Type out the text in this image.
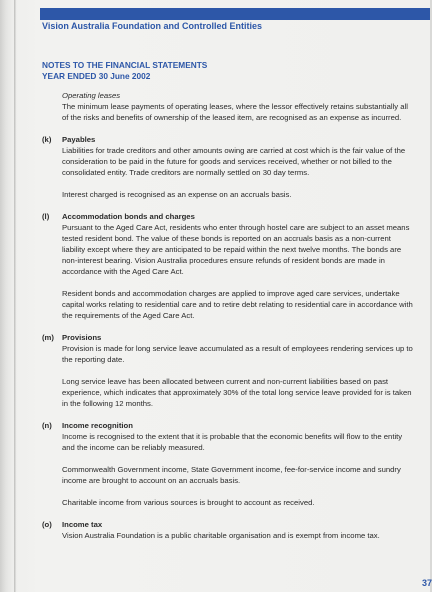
Vision Australia Foundation and Controlled Entities
NOTES TO THE FINANCIAL STATEMENTS
YEAR ENDED 30 June 2002
Operating leases

The minimum lease payments of operating leases, where the lessor effectively retains substantially all of the risks and benefits of ownership of the leased item, are recognised as an expense as incurred.

(k)	Payables

Liabilities for trade creditors and other amounts owing are carried at cost which is the fair value of the consideration to be paid in the future for goods and services received, whether or not billed to the consolidated entity. Trade creditors are normally settled on 30 day terms.

Interest charged is recognised as an expense on an accruals basis.

(l)	Accommodation bonds and charges

Pursuant to the Aged Care Act, residents who enter through hostel care are subject to an asset means tested resident bond. The value of these bonds is reported on an accruals basis as a non-current liability except where they are anticipated to be repaid within the next twelve months. The bonds are non-interest bearing. Vision Australia procedures ensure refunds of resident bonds are made in accordance with the Aged Care Act.

Resident bonds and accommodation charges are applied to improve aged care services, undertake capital works relating to residential care and to retire debt relating to residential care in accordance with the requirements of the Aged Care Act.

(m)	Provisions

Provision is made for long service leave accumulated as a result of employees rendering services up to the reporting date.

Long service leave has been allocated between current and non-current liabilities based on past experience, which indicates that approximately 30% of the total long service leave provided for is taken in the following 12 months.

(n)	Income recognition

Income is recognised to the extent that it is probable that the economic benefits will flow to the entity and the income can be reliably measured.

Commonwealth Government income, State Government income, fee-for-service income and sundry income are brought to account on an accruals basis.

Charitable income from various sources is brought to account as received.

(o)	Income tax

Vision Australia Foundation is a public charitable organisation and is exempt from income tax.

37
